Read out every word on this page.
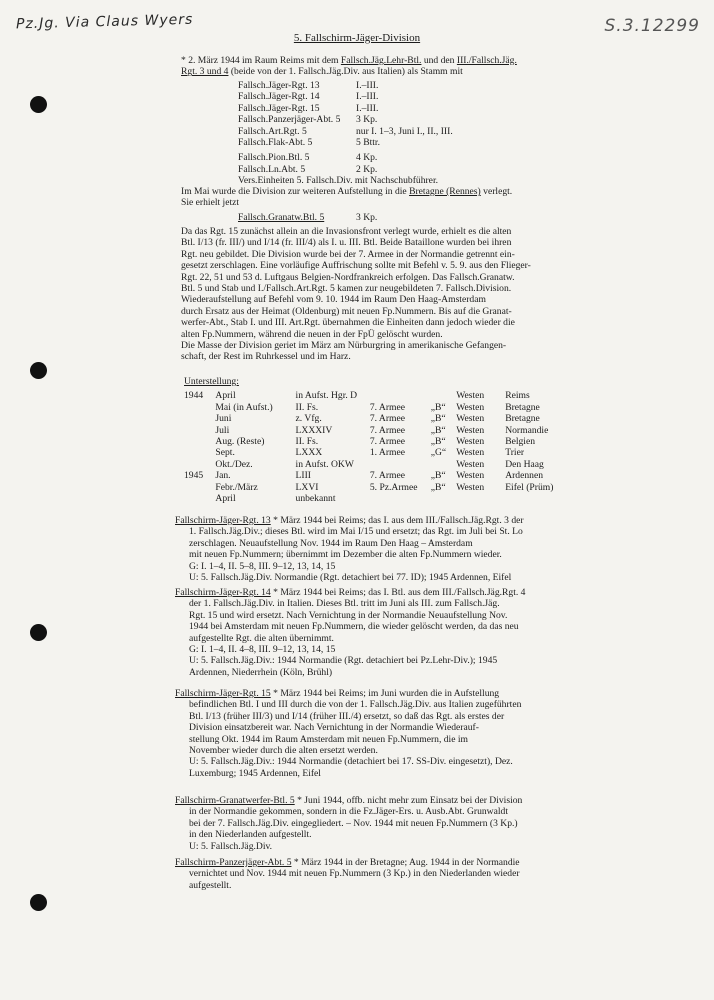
Pz.Jg. Via Claus Wyers	S.3.12299
5. Fallschirm-Jäger-Division
* 2. März 1944 im Raum Reims mit dem Fallsch.Jäg.Lehr-Btl. und den III./Fallsch.Jäg.
Rgt. 3 und 4 (beide von der 1. Fallsch.Jäg.Div. aus Italien) als Stamm mit
Fallsch.Jäger-Rgt. 13	I.–III.
Fallsch.Jäger-Rgt. 14	I.–III.
Fallsch.Jäger-Rgt. 15	I.–III.
Fallsch.Panzerjäger-Abt. 5	3 Kp.
Fallsch.Art.Rgt. 5	nur I. 1–3, Juni I., II., III.
Fallsch.Flak-Abt. 5	5 Bttr.
Fallsch.Pion.Btl. 5	4 Kp.
Fallsch.Ln.Abt. 5	2 Kp.
Vers.Einheiten 5. Fallsch.Div. mit Nachschubführer.
Im Mai wurde die Division zur weiteren Aufstellung in die Bretagne (Rennes) verlegt.
Sie erhielt jetzt
Fallsch.Granatw.Btl. 5	3 Kp.
Da das Rgt. 15 zunächst allein an die Invasionsfront verlegt wurde, erhielt es die alten
Btl. I/13 (fr. III/) und I/14 (fr. III/4) als I. u. III. Btl. Beide Bataillone wurden bei ihren
Rgt. neu gebildet. Die Division wurde bei der 7. Armee in der Normandie getrennt ein-
gesetzt zerschlagen. Eine vorläufige Auffrischung sollte mit Befehl v. 5. 9. aus den Flieger-
Rgt. 22, 51 und 53 d. Luftgaus Belgien-Nordfrankreich erfolgen. Das Fallsch.Granatw.
Btl. 5 und Stab und I./Fallsch.Art.Rgt. 5 kamen zur neugebildeten 7. Fallsch.Division.
Wiederaufstellung auf Befehl vom 9. 10. 1944 im Raum Den Haag-Amsterdam
durch Ersatz aus der Heimat (Oldenburg) mit neuen Fp.Nummern. Bis auf die Granat-
werfer-Abt., Stab I. und III. Art.Rgt. übernahmen die Einheiten dann jedoch wieder die
alten Fp.Nummern, während die neuen in der FpÜ gelöscht wurden.
Die Masse der Division geriet im März am Nürburgring in amerikanische Gefangen-
schaft, der Rest im Ruhrkessel und im Harz.
Unterstellung:
1944	April	in Aufst. Hgr. D			Westen	Reims
	Mai (in Aufst.)	II. Fs.	7. Armee	„B“	Westen	Bretagne
	Juni	z. Vfg.	7. Armee	„B“	Westen	Bretagne
	Juli	LXXXIV	7. Armee	„B“	Westen	Normandie
	Aug. (Reste)	II. Fs.	7. Armee	„B“	Westen	Belgien
	Sept.	LXXX	1. Armee	„G“	Westen	Trier
	Okt./Dez.	in Aufst. OKW			Westen	Den Haag
1945	Jan.	LIII	7. Armee	„B“	Westen	Ardennen
	Febr./März	LXVI	5. Pz.Armee	„B“	Westen	Eifel (Prüm)
	April	unbekannt				
Fallschirm-Jäger-Rgt. 13 * März 1944 bei Reims; das I. aus dem III./Fallsch.Jäg.Rgt. 3 der
1. Fallsch.Jäg.Div.; dieses Btl. wird im Mai I/15 und ersetzt; das Rgt. im Juli bei St. Lo
zerschlagen. Neuaufstellung Nov. 1944 im Raum Den Haag – Amsterdam
mit neuen Fp.Nummern; übernimmt im Dezember die alten Fp.Nummern wieder.
G: I. 1–4, II. 5–8, III. 9–12, 13, 14, 15
U: 5. Fallsch.Jäg.Div. Normandie (Rgt. detachiert bei 77. ID); 1945 Ardennen, Eifel
Fallschirm-Jäger-Rgt. 14 * März 1944 bei Reims; das I. Btl. aus dem III./Fallsch.Jäg.Rgt. 4
der 1. Fallsch.Jäg.Div. in Italien. Dieses Btl. tritt im Juni als III. zum Fallsch.Jäg.
Rgt. 15 und wird ersetzt. Nach Vernichtung in der Normandie Neuaufstellung Nov.
1944 bei Amsterdam mit neuen Fp.Nummern, die wieder gelöscht werden, da das neu
aufgestellte Rgt. die alten übernimmt.
G: I. 1–4, II. 4–8, III. 9–12, 13, 14, 15
U: 5. Fallsch.Jäg.Div.: 1944 Normandie (Rgt. detachiert bei Pz.Lehr-Div.); 1945
Ardennen, Niederrhein (Köln, Brühl)
Fallschirm-Jäger-Rgt. 15 * März 1944 bei Reims; im Juni wurden die in Aufstellung
befindlichen Btl. I und III durch die von der 1. Fallsch.Jäg.Div. aus Italien zugeführten
Btl. I/13 (früher III/3) und I/14 (früher III./4) ersetzt, so daß das Rgt. als erstes der
Division einsatzbereit war. Nach Vernichtung in der Normandie Wiederauf-
stellung Okt. 1944 im Raum Amsterdam mit neuen Fp.Nummern, die im
November wieder durch die alten ersetzt werden.
U: 5. Fallsch.Jäg.Div.: 1944 Normandie (detachiert bei 17. SS-Div. eingesetzt), Dez.
Luxemburg; 1945 Ardennen, Eifel
Fallschirm-Granatwerfer-Btl. 5 * Juni 1944, offb. nicht mehr zum Einsatz bei der Division
in der Normandie gekommen, sondern in die Fz.Jäger-Ers. u. Ausb.Abt. Grunwaldt
bei der 7. Fallsch.Jäg.Div. eingegliedert. – Nov. 1944 mit neuen Fp.Nummern (3 Kp.)
in den Niederlanden aufgestellt.
U: 5. Fallsch.Jäg.Div.
Fallschirm-Panzerjäger-Abt. 5 * März 1944 in der Bretagne; Aug. 1944 in der Normandie
vernichtet und Nov. 1944 mit neuen Fp.Nummern (3 Kp.) in den Niederlanden wieder
aufgestellt.
